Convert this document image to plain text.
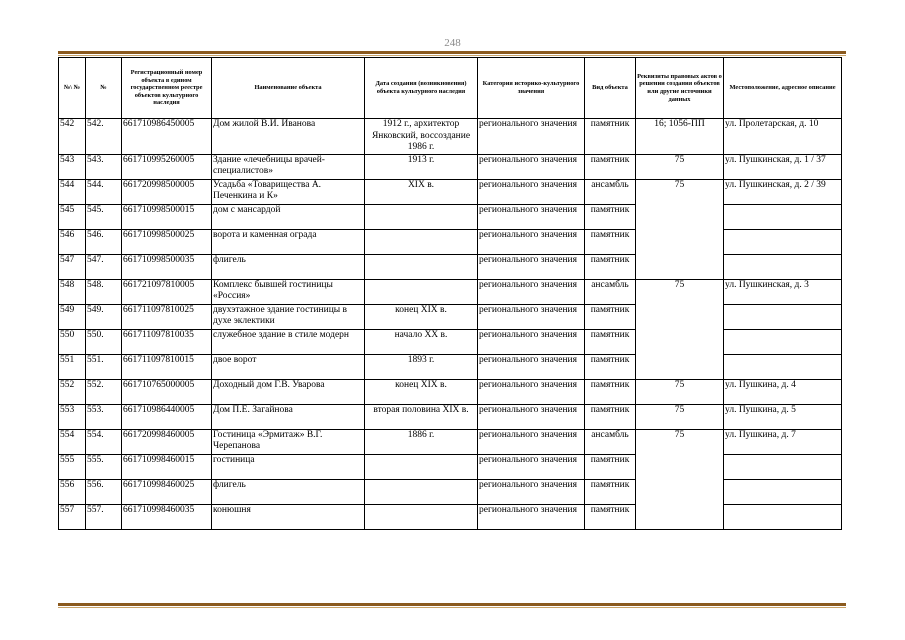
248
№\ №	№	Регистрационный номер объекта в едином государственном реестре объектов культурного наследия	Наименование объекта	Дата создания (возникновения) объекта культурного наследия	Категория историко-культурного значения	Вид объекта	Реквизиты правовых актов о решении создания объектов или другие источники данных	Местоположение, адресное описание
542	542.	661710986450005	Дом жилой В.И. Иванова	1912 г., архитектор Янковский, воссоздание 1986 г.	регионального значения	памятник	16; 1056-ПП	ул. Пролетарская, д. 10
543	543.	661710995260005	Здание «лечебницы врачей-специалистов»	1913 г.	регионального значения	памятник	75	ул. Пушкинская, д. 1 / 37
544	544.	661720998500005	Усадьба «Товарищества А. Печенкина и К»	XIX в.	регионального значения	ансамбль	75	ул. Пушкинская, д. 2 / 39
545	545.	661710998500015	дом с мансардой		регионального значения	памятник		
546	546.	661710998500025	ворота и каменная ограда		регионального значения	памятник		
547	547.	661710998500035	флигель		регионального значения	памятник		
548	548.	661721097810005	Комплекс бывшей гостиницы «Россия»		регионального значения	ансамбль	75	ул. Пушкинская, д. 3
549	549.	661711097810025	двухэтажное здание гостиницы в духе эклектики	конец XIX в.	регионального значения	памятник		
550	550.	661711097810035	служебное здание в стиле модерн	начало XX в.	регионального значения	памятник		
551	551.	661711097810015	двое ворот	1893 г.	регионального значения	памятник		
552	552.	661710765000005	Доходный дом Г.В. Уварова	конец XIX в.	регионального значения	памятник	75	ул. Пушкина, д. 4
553	553.	661710986440005	Дом П.Е. Загайнова	вторая половина XIX в.	регионального значения	памятник	75	ул. Пушкина, д. 5
554	554.	661720998460005	Гостиница «Эрмитаж» В.Г. Черепанова	1886 г.	регионального значения	ансамбль	75	ул. Пушкина, д. 7
555	555.	661710998460015	гостиница		регионального значения	памятник		
556	556.	661710998460025	флигель		регионального значения	памятник		
557	557.	661710998460035	конюшня		регионального значения	памятник		
